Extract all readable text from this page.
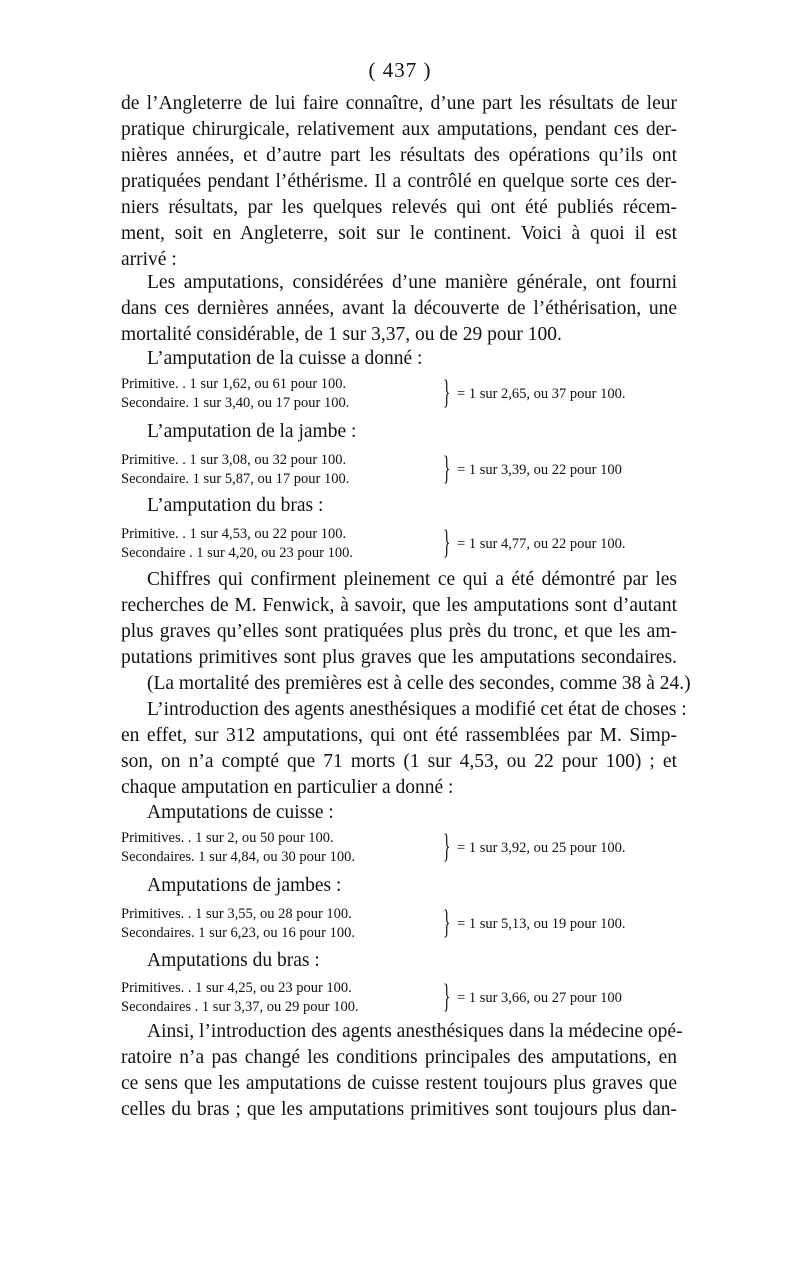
( 437 )
de l’Angleterre de lui faire connaître, d’une part les résultats de leur
pratique chirurgicale, relativement aux amputations, pendant ces der-
nières années, et d’autre part les résultats des opérations qu’ils ont
pratiquées pendant l’éthérisme. Il a contrôlé en quelque sorte ces der-
niers résultats, par les quelques relevés qui ont été publiés récem-
ment, soit en Angleterre, soit sur le continent. Voici à quoi il est
arrivé :
Les amputations, considérées d’une manière générale, ont fourni
dans ces dernières années, avant la découverte de l’éthérisation, une
mortalité considérable, de 1 sur 3,37, ou de 29 pour 100.
L’amputation de la cuisse a donné :
Primitive. . 1 sur 1,62, ou 61 pour 100.
Secondaire. 1 sur 3,40, ou 17 pour 100.	} = 1 sur 2,65, ou 37 pour 100.
L’amputation de la jambe :
Primitive. . 1 sur 3,08, ou 32 pour 100.
Secondaire. 1 sur 5,87, ou 17 pour 100.	} = 1 sur 3,39, ou 22 pour 100
L’amputation du bras :
Primitive. . 1 sur 4,53, ou 22 pour 100.
Secondaire . 1 sur 4,20, ou 23 pour 100.	} = 1 sur 4,77, ou 22 pour 100.
Chiffres qui confirment pleinement ce qui a été démontré par les
recherches de M. Fenwick, à savoir, que les amputations sont d’autant
plus graves qu’elles sont pratiquées plus près du tronc, et que les am-
putations primitives sont plus graves que les amputations secondaires.
(La mortalité des premières est à celle des secondes, comme 38 à 24.)
L’introduction des agents anesthésiques a modifié cet état de choses :
en effet, sur 312 amputations, qui ont été rassemblées par M. Simp-
son, on n’a compté que 71 morts (1 sur 4,53, ou 22 pour 100) ; et
chaque amputation en particulier a donné :
Amputations de cuisse :
Primitives. . 1 sur 2, ou 50 pour 100.
Secondaires. 1 sur 4,84, ou 30 pour 100.	} = 1 sur 3,92, ou 25 pour 100.
Amputations de jambes :
Primitives. . 1 sur 3,55, ou 28 pour 100.
Secondaires. 1 sur 6,23, ou 16 pour 100.	} = 1 sur 5,13, ou 19 pour 100.
Amputations du bras :
Primitives. . 1 sur 4,25, ou 23 pour 100.
Secondaires . 1 sur 3,37, ou 29 pour 100.	} = 1 sur 3,66, ou 27 pour 100
Ainsi, l’introduction des agents anesthésiques dans la médecine opé-
ratoire n’a pas changé les conditions principales des amputations, en
ce sens que les amputations de cuisse restent toujours plus graves que
celles du bras ; que les amputations primitives sont toujours plus dan-
